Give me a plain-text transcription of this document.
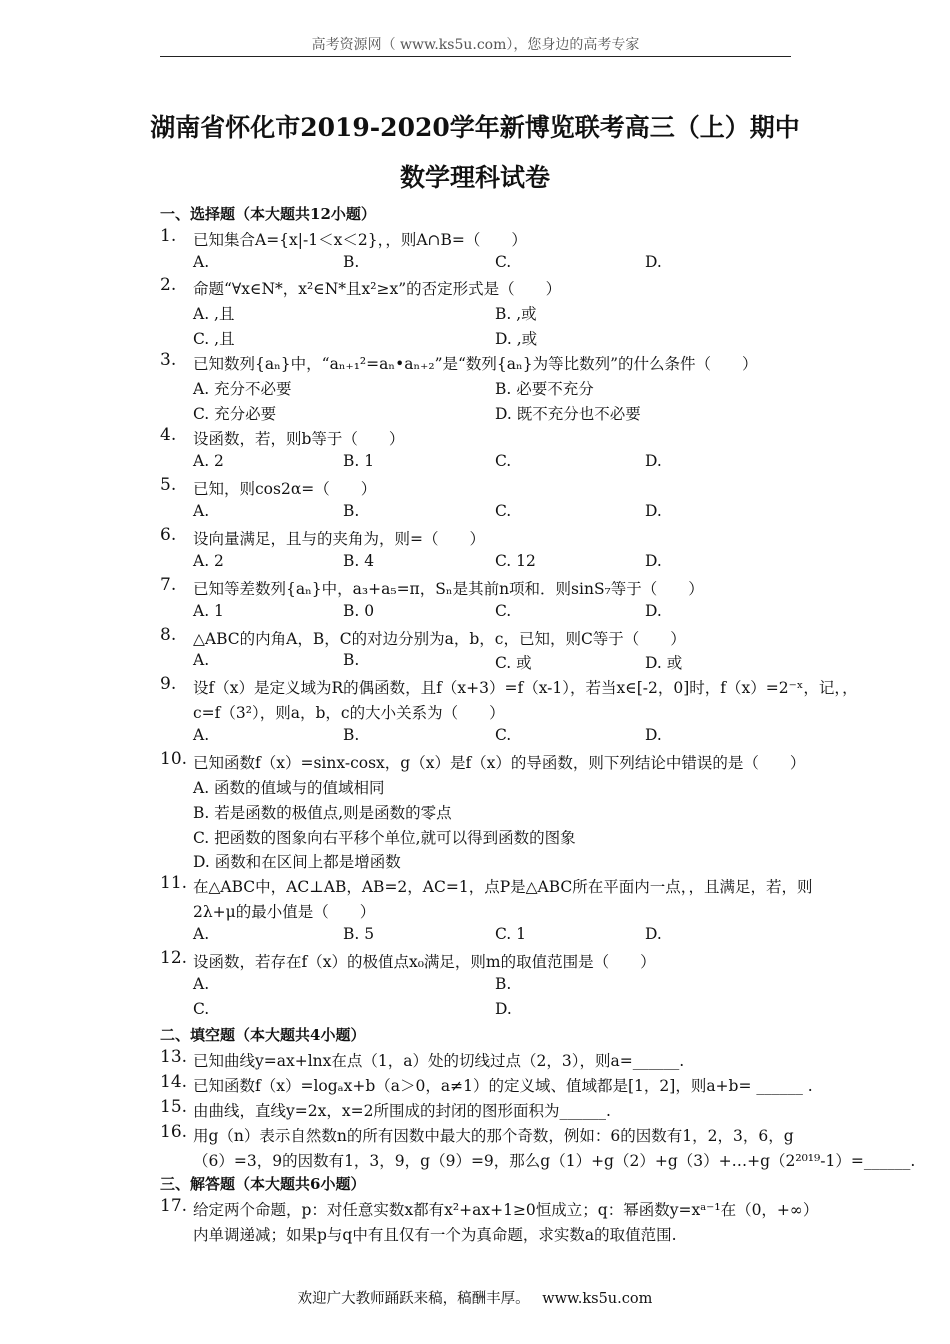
高考资源网（ www.ks5u.com），您身边的高考专家
湖南省怀化市2019-2020学年新博览联考高三（上）期中
数学理科试卷
一、选择题（本大题共12小题）
1. 已知集合A={x|-1＜x＜2}，，则A∩B=（　　）
A.	B.	C.	D.
2. 命题“∀x∈N*，x²∈N*且x²≥x”的否定形式是（　　）
A. ,且	B. ,或
C. ,且	D. ,或
3. 已知数列{aₙ}中，“aₙ₊₁²=aₙ•aₙ₊₂”是“数列{aₙ}为等比数列”的什么条件（　　）
A. 充分不必要	B. 必要不充分
C. 充分必要	D. 既不充分也不必要
4. 设函数，若，则b等于（　　）
A. 2	B. 1	C.	D.
5. 已知，则cos2α=（　　）
A.	B.	C.	D.
6. 设向量满足，且与的夹角为，则=（　　）
A. 2	B. 4	C. 12	D.
7. 已知等差数列{aₙ}中，a₃+a₅=π，Sₙ是其前n项和．则sinS₇等于（　　）
A. 1	B. 0	C.	D.
8. △ABC的内角A，B，C的对边分别为a，b，c，已知，则C等于（　　）
A.	B.	C. 或	D. 或
9. 设f（x）是定义域为R的偶函数，且f（x+3）=f（x-1），若当x∈[-2，0]时，f（x）=2⁻ˣ，记，，
c=f（3²），则a，b，c的大小关系为（　　）
A.	B.	C.	D.
10. 已知函数f（x）=sinx-cosx，g（x）是f（x）的导函数，则下列结论中错误的是（　　）
A. 函数的值域与的值域相同
B. 若是函数的极值点,则是函数的零点
C. 把函数的图象向右平移个单位,就可以得到函数的图象
D. 函数和在区间上都是增函数
11. 在△ABC中，AC⊥AB，AB=2，AC=1，点P是△ABC所在平面内一点，，且满足，若，则
2λ+μ的最小值是（　　）
A.	B. 5	C. 1	D.
12. 设函数，若存在f（x）的极值点x₀满足，则m的取值范围是（　　）
A.	B.
C.	D.
二、填空题（本大题共4小题）
13. 已知曲线y=ax+lnx在点（1，a）处的切线过点（2，3），则a=______.
14. 已知函数f（x）=logₐx+b（a＞0，a≠1）的定义域、值域都是[1，2]，则a+b= ______ .
15. 由曲线，直线y=2x，x=2所围成的封闭的图形面积为______.
16. 用g（n）表示自然数n的所有因数中最大的那个奇数，例如：6的因数有1，2，3，6，g
（6）=3，9的因数有1，3，9，g（9）=9，那么g（1）+g（2）+g（3）+…+g（2²⁰¹⁹-1）=______.
三、解答题（本大题共6小题）
17. 给定两个命题，p：对任意实数x都有x²+ax+1≥0恒成立；q：幂函数y=xᵃ⁻¹在（0，+∞）
内单调递减；如果p与q中有且仅有一个为真命题，求实数a的取值范围.
欢迎广大教师踊跃来稿，稿酬丰厚。 www.ks5u.com
